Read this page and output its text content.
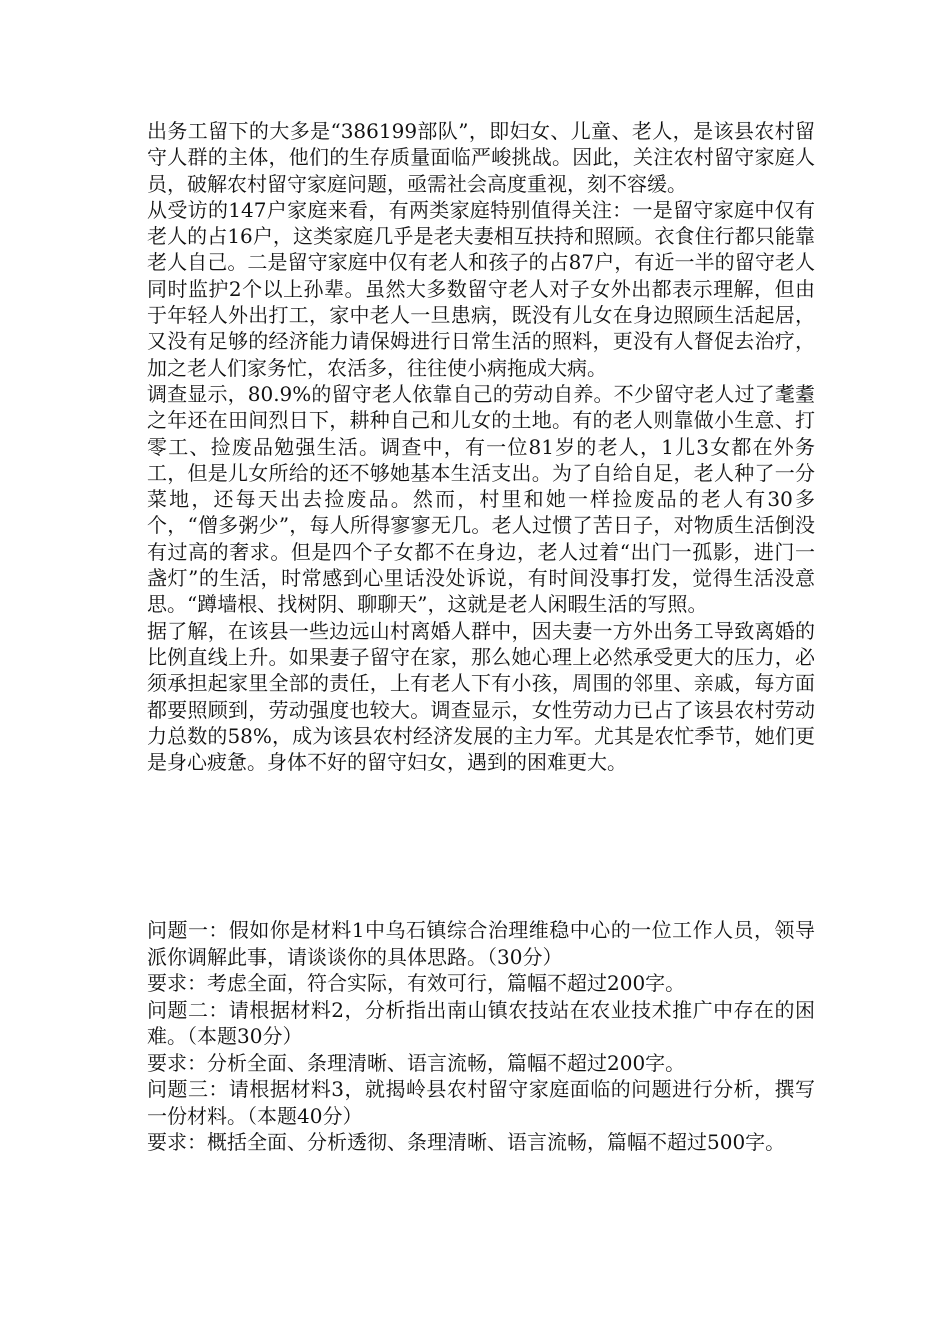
出务工留下的大多是“386199部队”，即妇女、儿童、老人，是该县农村留守人群的主体，他们的生存质量面临严峻挑战。因此，关注农村留守家庭人员，破解农村留守家庭问题，亟需社会高度重视，刻不容缓。

从受访的147户家庭来看，有两类家庭特别值得关注：一是留守家庭中仅有老人的占16户，这类家庭几乎是老夫妻相互扶持和照顾。衣食住行都只能靠老人自己。二是留守家庭中仅有老人和孩子的占87户，有近一半的留守老人同时监护2个以上孙辈。虽然大多数留守老人对子女外出都表示理解，但由于年轻人外出打工，家中老人一旦患病，既没有儿女在身边照顾生活起居，又没有足够的经济能力请保姆进行日常生活的照料，更没有人督促去治疗，加之老人们家务忙，农活多，往往使小病拖成大病。

调查显示，80.9%的留守老人依靠自己的劳动自养。不少留守老人过了耄耋之年还在田间烈日下，耕种自己和儿女的土地。有的老人则靠做小生意、打零工、捡废品勉强生活。调查中，有一位81岁的老人，1儿3女都在外务工，但是儿女所给的还不够她基本生活支出。为了自给自足，老人种了一分菜地，还每天出去捡废品。然而，村里和她一样捡废品的老人有30多个，“僧多粥少”，每人所得寥寥无几。老人过惯了苦日子，对物质生活倒没有过高的奢求。但是四个子女都不在身边，老人过着“出门一孤影，进门一盏灯”的生活，时常感到心里话没处诉说，有时间没事打发，觉得生活没意思。“蹲墙根、找树阴、聊聊天”，这就是老人闲暇生活的写照。

据了解，在该县一些边远山村离婚人群中，因夫妻一方外出务工导致离婚的比例直线上升。如果妻子留守在家，那么她心理上必然承受更大的压力，必须承担起家里全部的责任，上有老人下有小孩，周围的邻里、亲戚，每方面都要照顾到，劳动强度也较大。调查显示，女性劳动力已占了该县农村劳动力总数的58%，成为该县农村经济发展的主力军。尤其是农忙季节，她们更是身心疲惫。身体不好的留守妇女，遇到的困难更大。

问题一：假如你是材料1中乌石镇综合治理维稳中心的一位工作人员，领导派你调解此事，请谈谈你的具体思路。（30分）

要求：考虑全面，符合实际，有效可行，篇幅不超过200字。

问题二：请根据材料2，分析指出南山镇农技站在农业技术推广中存在的困难。（本题30分）

要求：分析全面、条理清晰、语言流畅，篇幅不超过200字。

问题三：请根据材料3，就揭岭县农村留守家庭面临的问题进行分析，撰写一份材料。（本题40分）

要求：概括全面、分析透彻、条理清晰、语言流畅，篇幅不超过500字。
